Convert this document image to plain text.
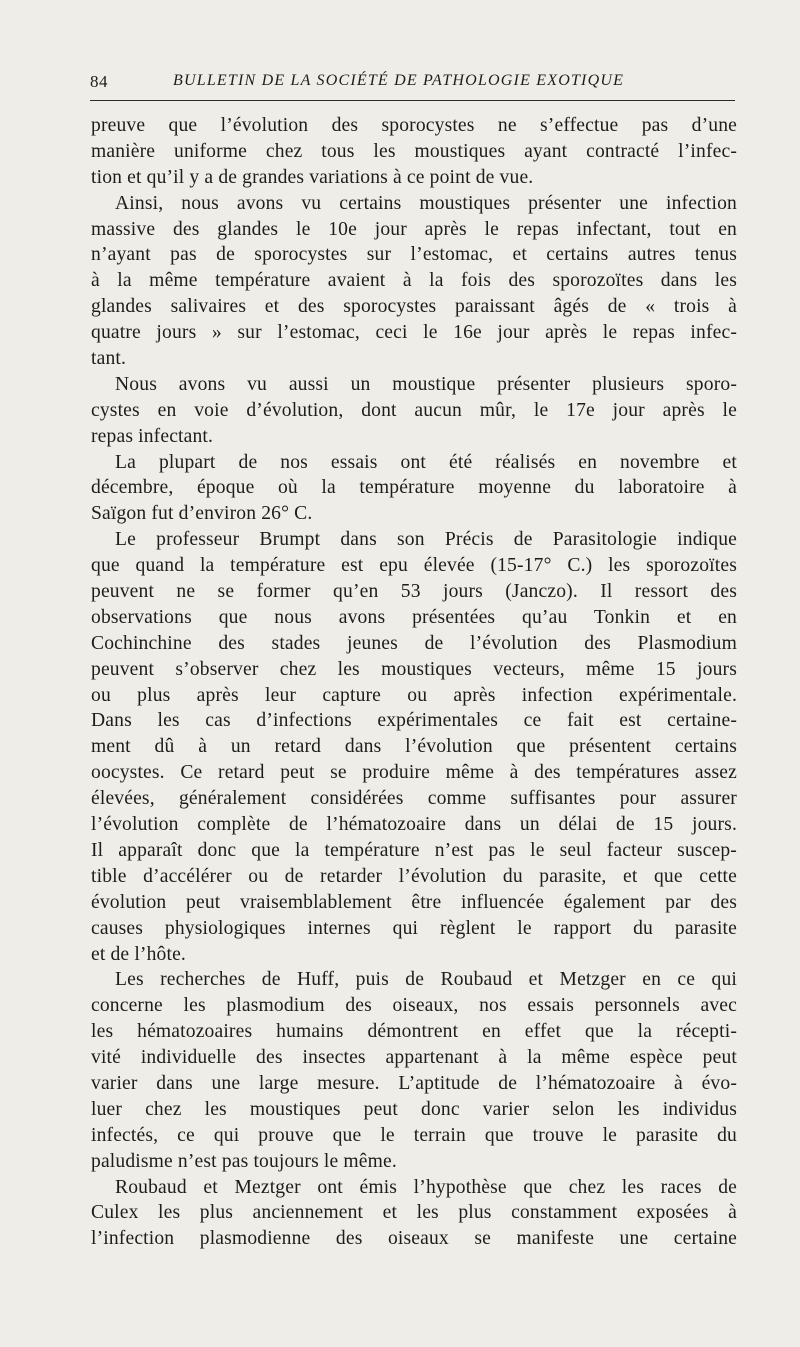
84	BULLETIN DE LA SOCIÉTÉ DE PATHOLOGIE EXOTIQUE
preuve que l’évolution des sporocystes ne s’effectue pas d’une
manière uniforme chez tous les moustiques ayant contracté l’infec-
tion et qu’il y a de grandes variations à ce point de vue.
Ainsi, nous avons vu certains moustiques présenter une infection
massive des glandes le 10e jour après le repas infectant, tout en
n’ayant pas de sporocystes sur l’estomac, et certains autres tenus
à la même température avaient à la fois des sporozoïtes dans les
glandes salivaires et des sporocystes paraissant âgés de « trois à
quatre jours » sur l’estomac, ceci le 16e jour après le repas infec-
tant.
Nous avons vu aussi un moustique présenter plusieurs sporo-
cystes en voie d’évolution, dont aucun mûr, le 17e jour après le
repas infectant.
La plupart de nos essais ont été réalisés en novembre et
décembre, époque où la température moyenne du laboratoire à
Saïgon fut d’environ 26° C.
Le professeur Brumpt dans son Précis de Parasitologie indique
que quand la température est epu élevée (15-17° C.) les sporozoïtes
peuvent ne se former qu’en 53 jours (Janczo). Il ressort des
observations que nous avons présentées qu’au Tonkin et en
Cochinchine des stades jeunes de l’évolution des Plasmodium
peuvent s’observer chez les moustiques vecteurs, même 15 jours
ou plus après leur capture ou après infection expérimentale.
Dans les cas d’infections expérimentales ce fait est certaine-
ment dû à un retard dans l’évolution que présentent certains
oocystes. Ce retard peut se produire même à des températures assez
élevées, généralement considérées comme suffisantes pour assurer
l’évolution complète de l’hématozoaire dans un délai de 15 jours.
Il apparaît donc que la température n’est pas le seul facteur suscep-
tible d’accélérer ou de retarder l’évolution du parasite, et que cette
évolution peut vraisemblablement être influencée également par des
causes physiologiques internes qui règlent le rapport du parasite
et de l’hôte.
Les recherches de Huff, puis de Roubaud et Metzger en ce qui
concerne les plasmodium des oiseaux, nos essais personnels avec
les hématozoaires humains démontrent en effet que la récepti-
vité individuelle des insectes appartenant à la même espèce peut
varier dans une large mesure. L’aptitude de l’hématozoaire à évo-
luer chez les moustiques peut donc varier selon les individus
infectés, ce qui prouve que le terrain que trouve le parasite du
paludisme n’est pas toujours le même.
Roubaud et Meztger ont émis l’hypothèse que chez les races de
Culex les plus anciennement et les plus constamment exposées à
l’infection plasmodienne des oiseaux se manifeste une certaine
